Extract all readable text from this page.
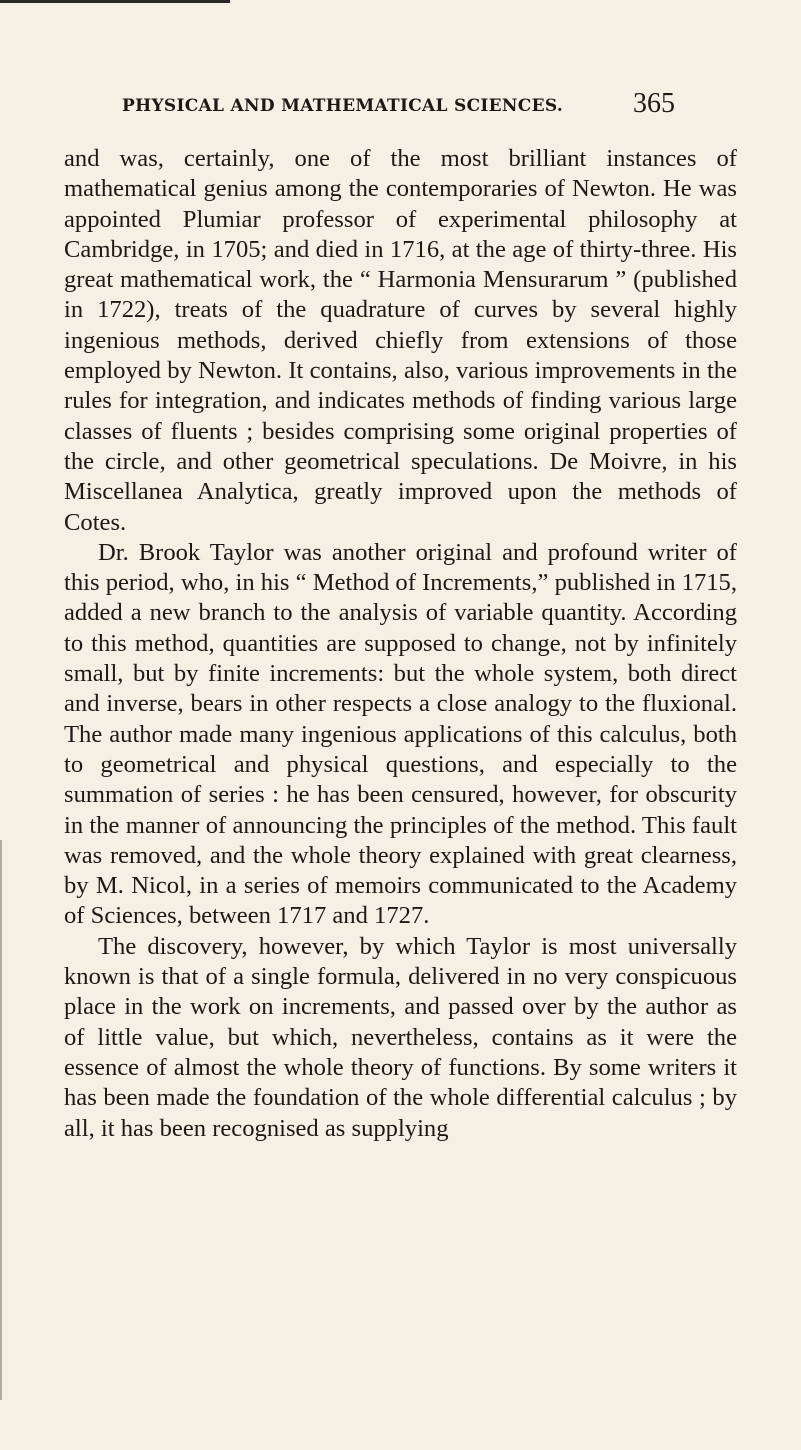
PHYSICAL AND MATHEMATICAL SCIENCES. 365

and was, certainly, one of the most brilliant instances of mathematical genius among the contemporaries of Newton. He was appointed Plumiar professor of experimental philosophy at Cambridge, in 1705; and died in 1716, at the age of thirty-three. His great mathematical work, the “ Harmonia Mensurarum ” (published in 1722), treats of the quadrature of curves by several highly ingenious methods, derived chiefly from extensions of those employed by Newton. It contains, also, various improvements in the rules for integration, and indicates methods of finding various large classes of fluents ; besides comprising some original properties of the circle, and other geometrical speculations. De Moivre, in his Miscellanea Analytica, greatly improved upon the methods of Cotes.

Dr. Brook Taylor was another original and profound writer of this period, who, in his “ Method of Increments,” published in 1715, added a new branch to the analysis of variable quantity. According to this method, quantities are supposed to change, not by infinitely small, but by finite increments: but the whole system, both direct and inverse, bears in other respects a close analogy to the fluxional. The author made many ingenious applications of this calculus, both to geometrical and physical questions, and especially to the summation of series : he has been censured, however, for obscurity in the manner of announcing the principles of the method. This fault was removed, and the whole theory explained with great clearness, by M. Nicol, in a series of memoirs communicated to the Academy of Sciences, between 1717 and 1727.

The discovery, however, by which Taylor is most universally known is that of a single formula, delivered in no very conspicuous place in the work on increments, and passed over by the author as of little value, but which, nevertheless, contains as it were the essence of almost the whole theory of functions. By some writers it has been made the foundation of the whole differential calculus ; by all, it has been recognised as supplying
